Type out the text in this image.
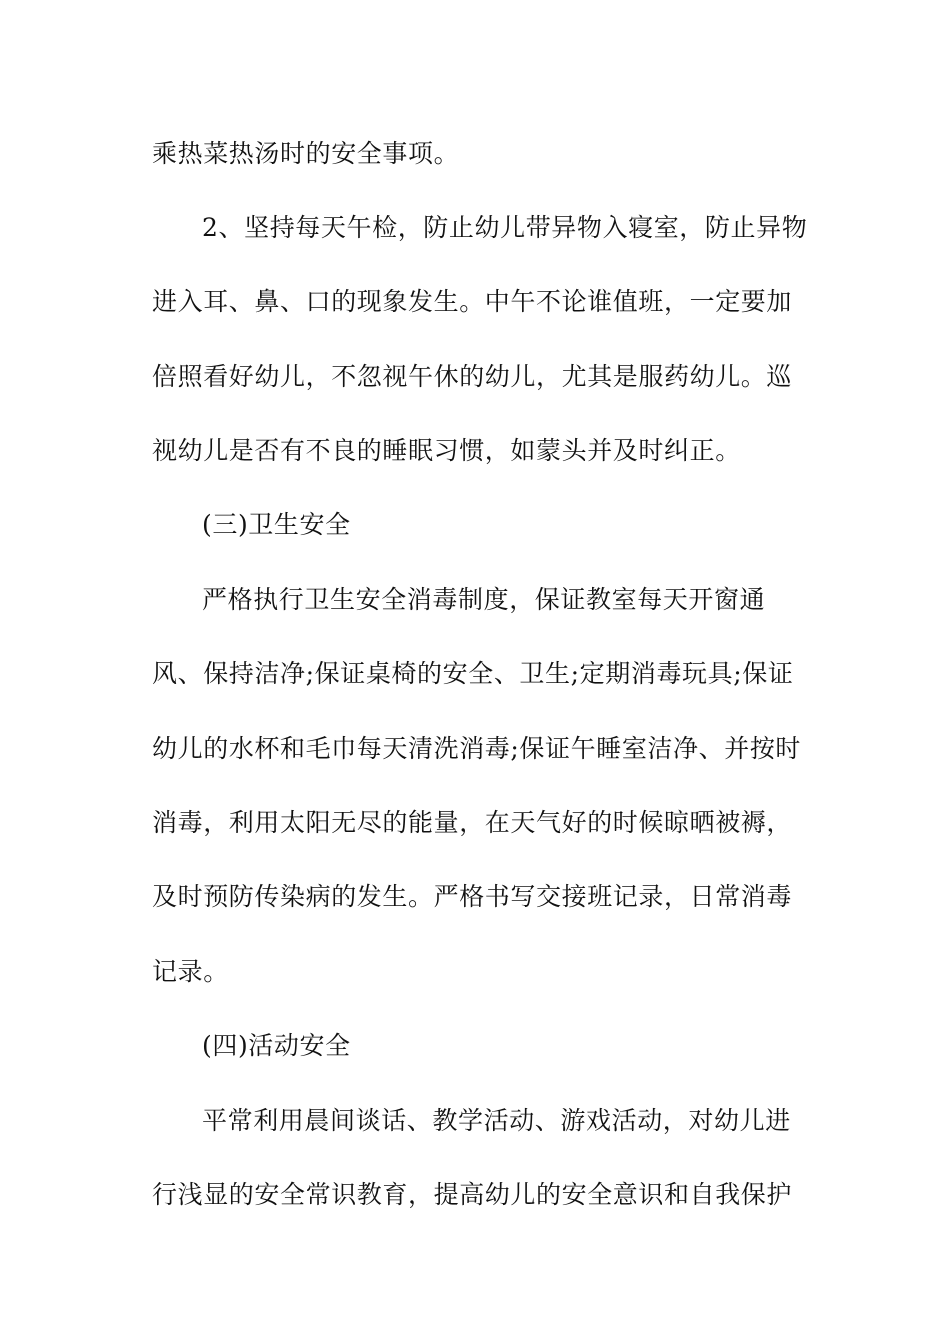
乘热菜热汤时的安全事项。
2、坚持每天午检，防止幼儿带异物入寝室，防止异物
进入耳、鼻、口的现象发生。中午不论谁值班，一定要加
倍照看好幼儿，不忽视午休的幼儿，尤其是服药幼儿。巡
视幼儿是否有不良的睡眠习惯，如蒙头并及时纠正。
(三)卫生安全
严格执行卫生安全消毒制度，保证教室每天开窗通
风、保持洁净;保证桌椅的安全、卫生;定期消毒玩具;保证
幼儿的水杯和毛巾每天清洗消毒;保证午睡室洁净、并按时
消毒，利用太阳无尽的能量，在天气好的时候晾晒被褥，
及时预防传染病的发生。严格书写交接班记录，日常消毒
记录。
(四)活动安全
平常利用晨间谈话、教学活动、游戏活动，对幼儿进
行浅显的安全常识教育，提高幼儿的安全意识和自我保护
